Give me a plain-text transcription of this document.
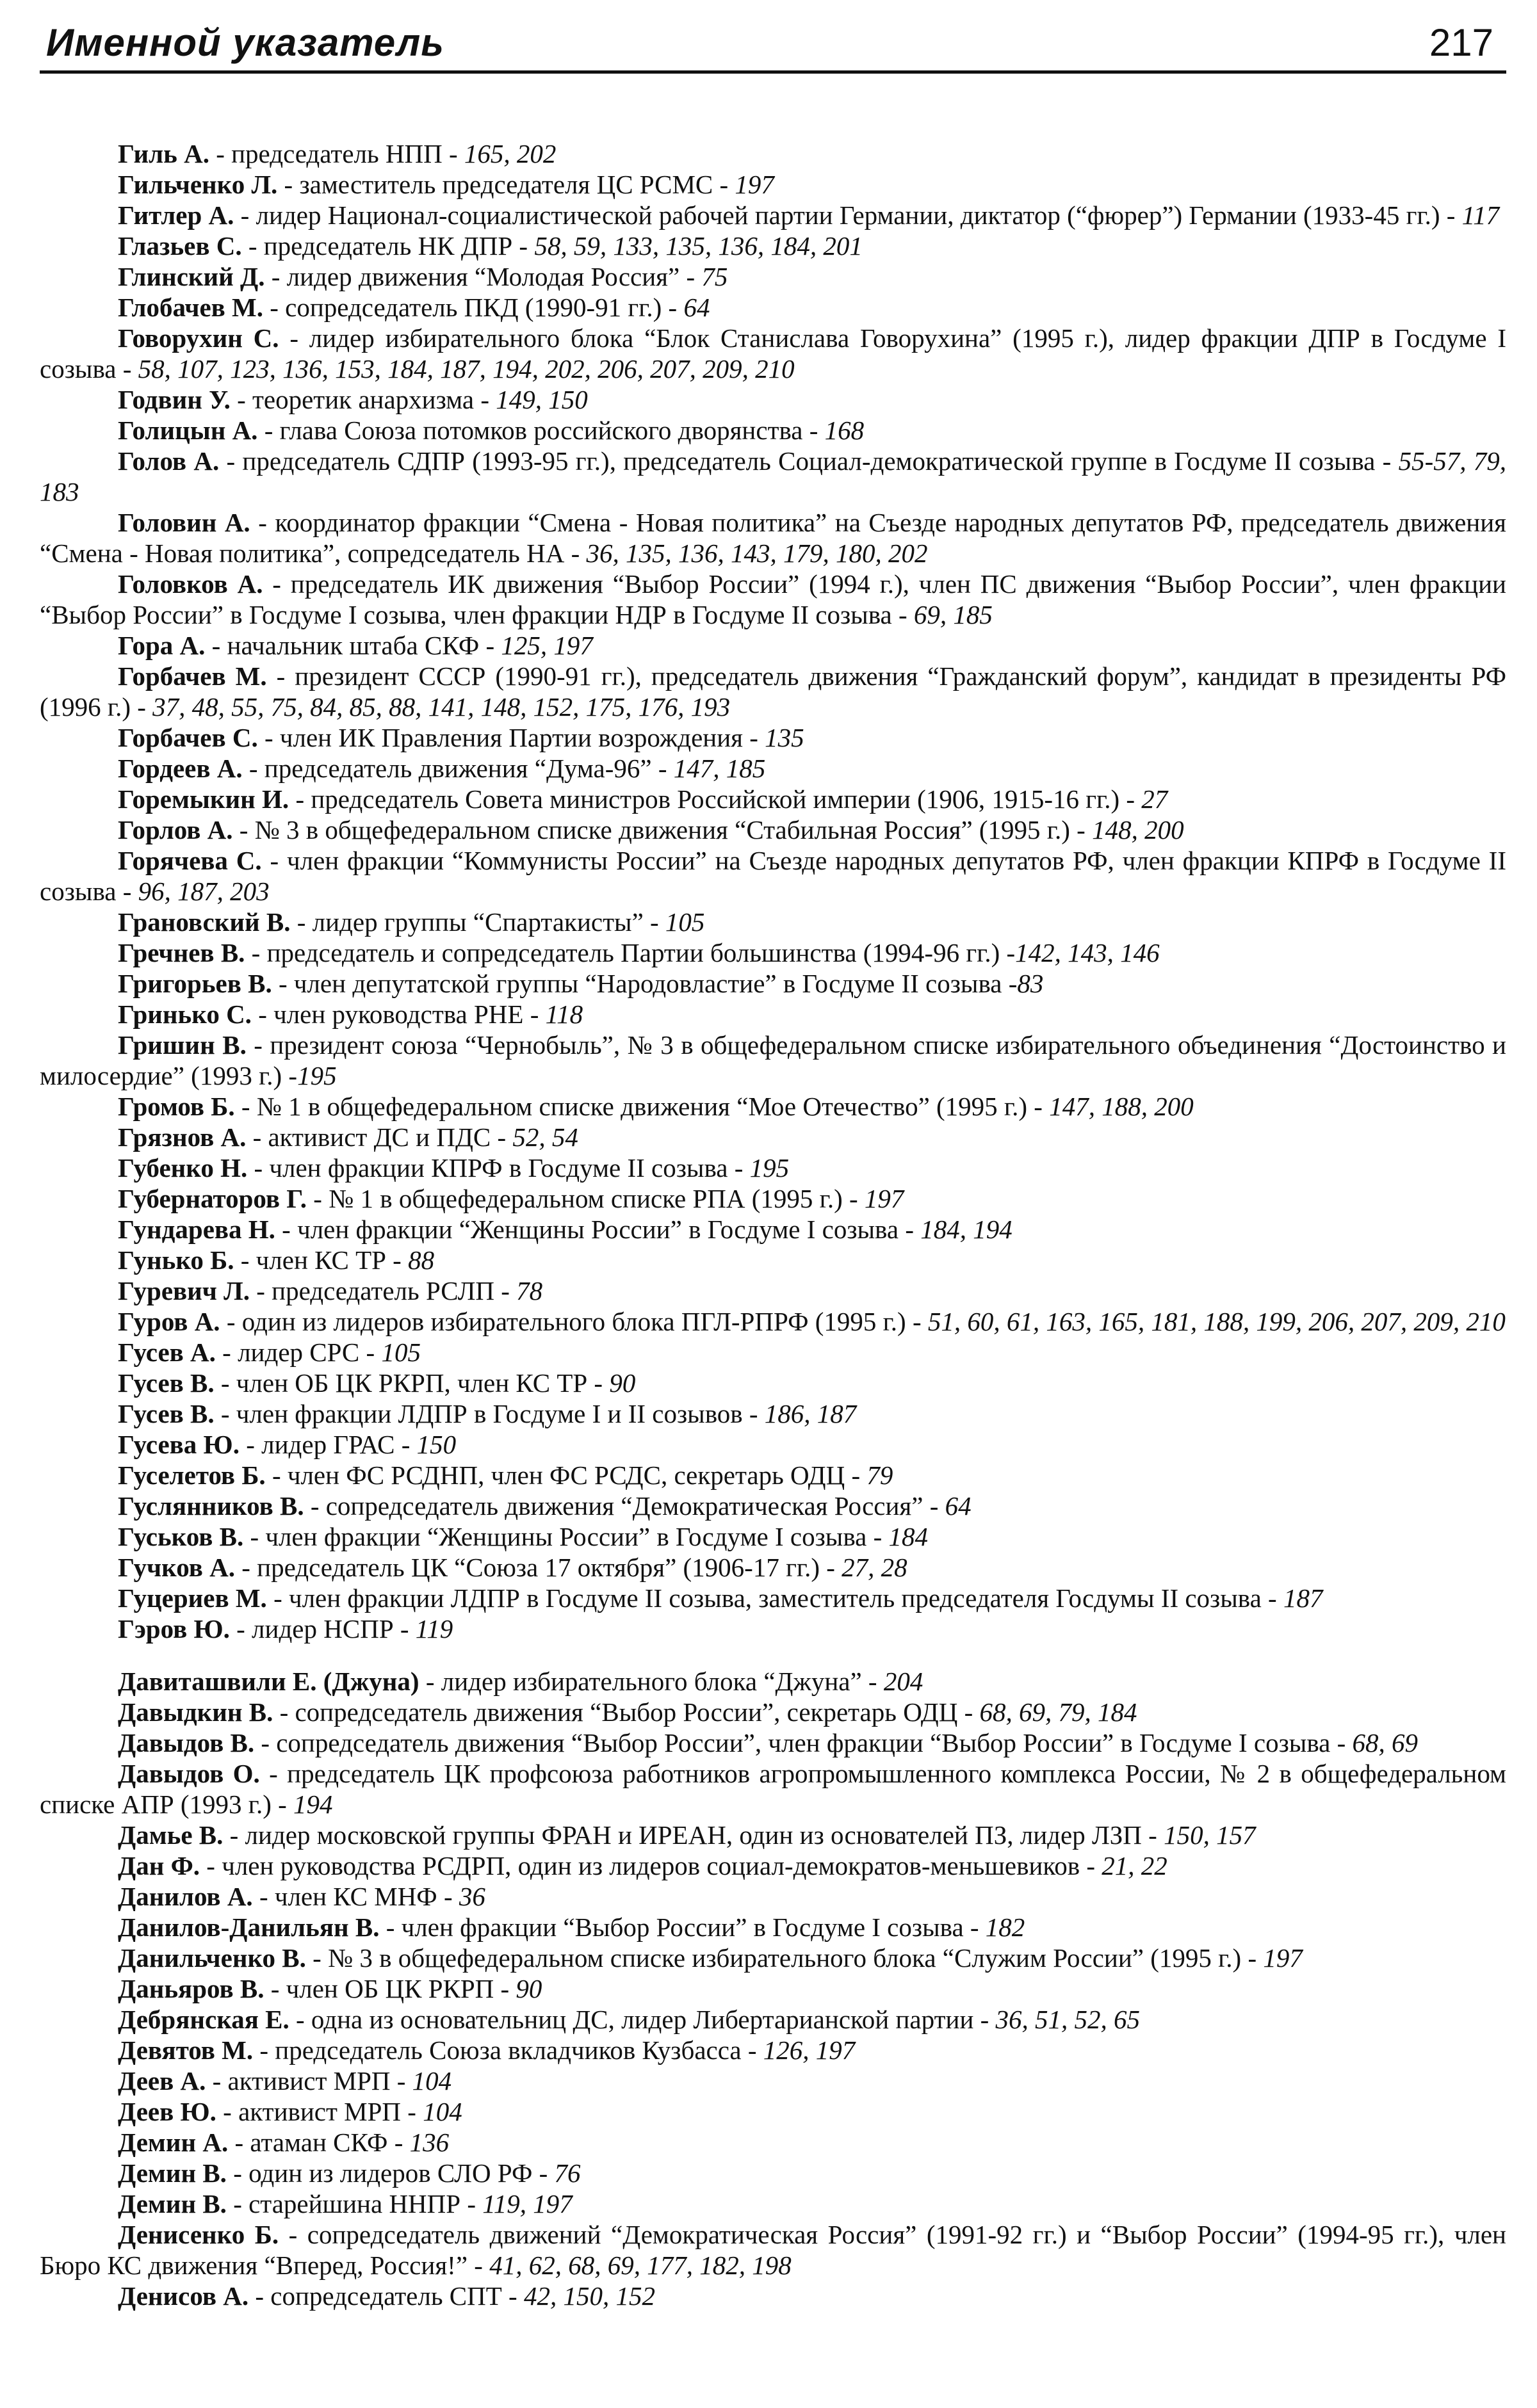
Именной указатель	217

Гиль А. - председатель НПП - 165, 202

Гильченко Л. - заместитель председателя ЦС РСМС - 197

Гитлер А. - лидер Национал-социалистической рабочей партии Германии, диктатор (“фюрер”) Германии (1933-45 гг.) - 117

Глазьев С. - председатель НК ДПР - 58, 59, 133, 135, 136, 184, 201

Глинский Д. - лидер движения “Молодая Россия” - 75

Глобачев М. - сопредседатель ПКД (1990-91 гг.) - 64

Говорухин С. - лидер избирательного блока “Блок Станислава Говорухина” (1995 г.), лидер фракции ДПР в Госдуме I созыва - 58, 107, 123, 136, 153, 184, 187, 194, 202, 206, 207, 209, 210

Годвин У. - теоретик анархизма - 149, 150

Голицын А. - глава Союза потомков российского дворянства - 168

Голов А. - председатель СДПР (1993-95 гг.), председатель Социал-демократической группе в Госдуме II созыва - 55-57, 79, 183

Головин А. - координатор фракции “Смена - Новая политика” на Съезде народных депутатов РФ, председатель движения “Смена - Новая политика”, сопредседатель НА - 36, 135, 136, 143, 179, 180, 202

Головков А. - председатель ИК движения “Выбор России” (1994 г.), член ПС движения “Выбор России”, член фракции “Выбор России” в Госдуме I созыва, член фракции НДР в Госдуме II созыва - 69, 185

Гора А. - начальник штаба СКФ - 125, 197

Горбачев М. - президент СССР (1990-91 гг.), председатель движения “Гражданский форум”, кандидат в президенты РФ (1996 г.) - 37, 48, 55, 75, 84, 85, 88, 141, 148, 152, 175, 176, 193

Горбачев С. - член ИК Правления Партии возрождения - 135

Гордеев А. - председатель движения “Дума-96” - 147, 185

Горемыкин И. - председатель Совета министров Российской империи (1906, 1915-16 гг.) - 27

Горлов А. - № 3 в общефедеральном списке движения “Стабильная Россия” (1995 г.) - 148, 200

Горячева С. - член фракции “Коммунисты России” на Съезде народных депутатов РФ, член фракции КПРФ в Госдуме II созыва - 96, 187, 203

Грановский В. - лидер группы “Спартакисты” - 105

Гречнев В. - председатель и сопредседатель Партии большинства (1994-96 гг.) -142, 143, 146

Григорьев В. - член депутатской группы “Народовластие” в Госдуме II созыва -83

Гринько С. - член руководства РНЕ - 118

Гришин В. - президент союза “Чернобыль”, № 3 в общефедеральном списке избирательного объединения “Достоинство и милосердие” (1993 г.) -195

Громов Б. - № 1 в общефедеральном списке движения “Мое Отечество” (1995 г.) - 147, 188, 200

Грязнов А. - активист ДС и ПДС - 52, 54

Губенко Н. - член фракции КПРФ в Госдуме II созыва - 195

Губернаторов Г. - № 1 в общефедеральном списке РПА (1995 г.) - 197

Гундарева Н. - член фракции “Женщины России” в Госдуме I созыва - 184, 194

Гунько Б. - член КС ТР - 88

Гуревич Л. - председатель РСЛП - 78

Гуров А. - один из лидеров избирательного блока ПГЛ-РПРФ (1995 г.) - 51, 60, 61, 163, 165, 181, 188, 199, 206, 207, 209, 210

Гусев А. - лидер СРС - 105

Гусев В. - член ОБ ЦК РКРП, член КС ТР - 90

Гусев В. - член фракции ЛДПР в Госдуме I и II созывов - 186, 187

Гусева Ю. - лидер ГРАС - 150

Гуселетов Б. - член ФС РСДНП, член ФС РСДС, секретарь ОДЦ - 79

Гуслянников В. - сопредседатель движения “Демократическая Россия” - 64

Гуськов В. - член фракции “Женщины России” в Госдуме I созыва - 184

Гучков А. - председатель ЦК “Союза 17 октября” (1906-17 гг.) - 27, 28

Гуцериев М. - член фракции ЛДПР в Госдуме II созыва, заместитель председателя Госдумы II созыва - 187

Гэров Ю. - лидер НСПР - 119

Давиташвили Е. (Джуна) - лидер избирательного блока “Джуна” - 204

Давыдкин В. - сопредседатель движения “Выбор России”, секретарь ОДЦ - 68, 69, 79, 184

Давыдов В. - сопредседатель движения “Выбор России”, член фракции “Выбор России” в Госдуме I созыва - 68, 69

Давыдов О. - председатель ЦК профсоюза работников агропромышленного комплекса России, № 2 в общефедеральном списке АПР (1993 г.) - 194

Дамье В. - лидер московской группы ФРАН и ИРЕАН, один из основателей ПЗ, лидер ЛЗП - 150, 157

Дан Ф. - член руководства РСДРП, один из лидеров социал-демократов-меньшевиков - 21, 22

Данилов А. - член КС МНФ - 36

Данилов-Данильян В. - член фракции “Выбор России” в Госдуме I созыва - 182

Данильченко В. - № 3 в общефедеральном списке избирательного блока “Служим России” (1995 г.) - 197

Даньяров В. - член ОБ ЦК РКРП - 90

Дебрянская Е. - одна из основательниц ДС, лидер Либертарианской партии - 36, 51, 52, 65

Девятов М. - председатель Союза вкладчиков Кузбасса - 126, 197

Деев А. - активист МРП - 104

Деев Ю. - активист МРП - 104

Демин А. - атаман СКФ - 136

Демин В. - один из лидеров СЛО РФ - 76

Демин В. - старейшина ННПР - 119, 197

Денисенко Б. - сопредседатель движений “Демократическая Россия” (1991-92 гг.) и “Выбор России” (1994-95 гг.), член Бюро КС движения “Вперед, Россия!” - 41, 62, 68, 69, 177, 182, 198

Денисов А. - сопредседатель СПТ - 42, 150, 152
